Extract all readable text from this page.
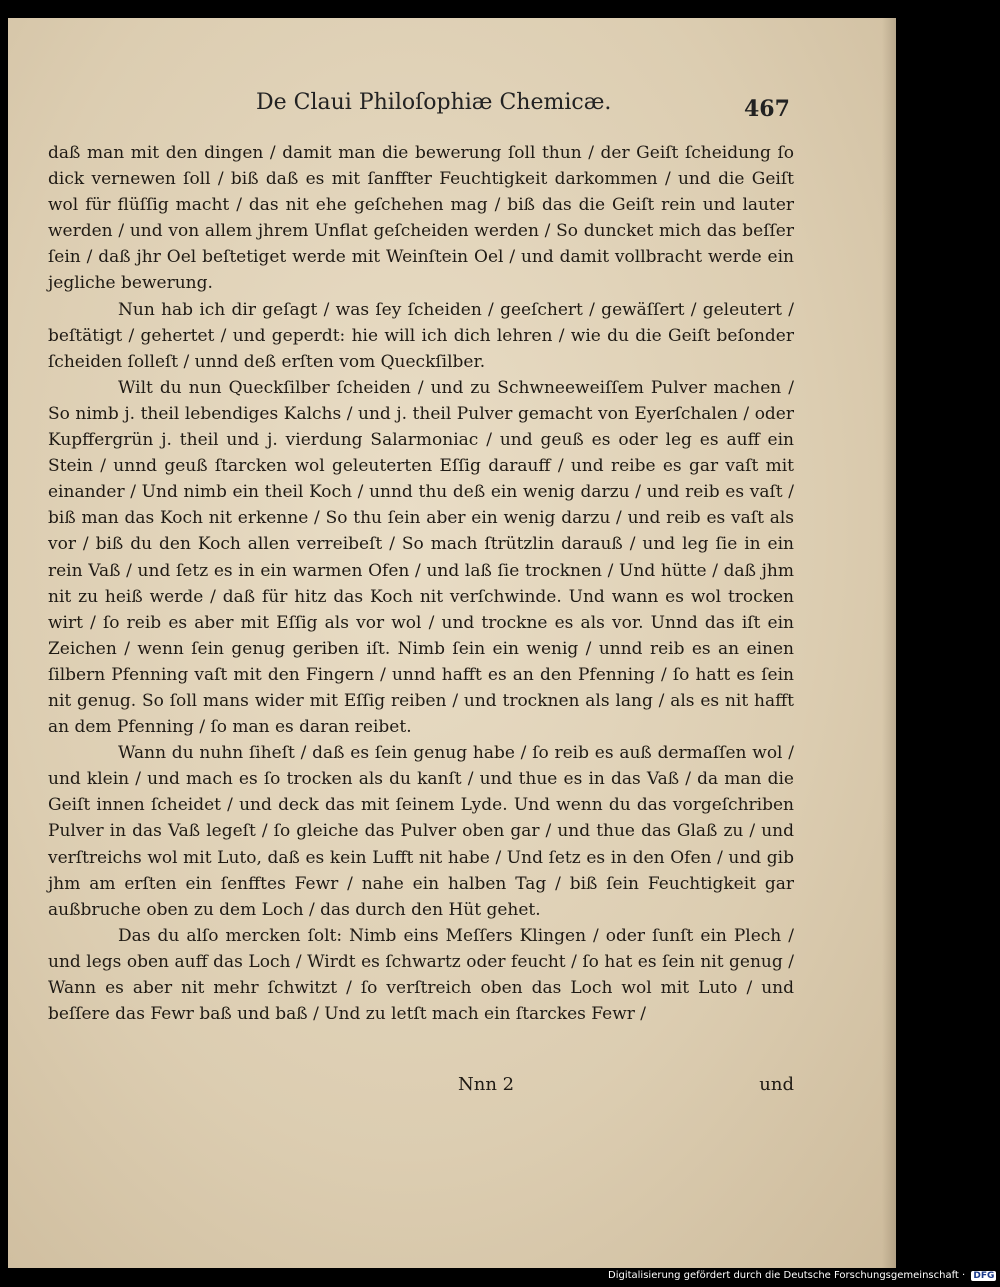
De Claui Philoſophiæ Chemicæ.	467

daß man mit den dingen / damit man die bewerung ſoll thun / der Geiſt ſcheidung ſo dick vernewen ſoll / biß daß es mit ſanffter Feuchtigkeit darkommen / und die Geiſt wol für flüſſig macht / das nit ehe geſchehen mag / biß das die Geiſt rein und lauter werden / und von allem jhrem Unflat geſcheiden werden / So duncket mich das beſſer ſein / daß jhr Oel beſtetiget werde mit Weinſtein Oel / und damit vollbracht werde ein jegliche bewerung.

Nun hab ich dir geſagt / was ſey ſcheiden / geeſchert / gewäſſert / geleutert / beſtätigt / gehertet / und geperdt: hie will ich dich lehren / wie du die Geiſt beſonder ſcheiden ſolleſt / unnd deß erſten vom Queckſilber.

Wilt du nun Queckſilber ſcheiden / und zu Schwneeweiſſem Pulver machen / So nimb j. theil lebendiges Kalchs / und j. theil Pulver gemacht von Eyerſchalen / oder Kupffergrün j. theil und j. vierdung Salarmoniac / und geuß es oder leg es auff ein Stein / unnd geuß ſtarcken wol geleuterten Eſſig darauff / und reibe es gar vaſt mit einander / Und nimb ein theil Koch / unnd thu deß ein wenig darzu / und reib es vaſt / biß man das Koch nit erkenne / So thu ſein aber ein wenig darzu / und reib es vaſt als vor / biß du den Koch allen verreibeſt / So mach ſtrützlin darauß / und leg ſie in ein rein Vaß / und ſetz es in ein warmen Ofen / und laß ſie trocknen / Und hütte / daß jhm nit zu heiß werde / daß für hitz das Koch nit verſchwinde. Und wann es wol trocken wirt / ſo reib es aber mit Eſſig als vor wol / und trockne es als vor. Unnd das iſt ein Zeichen / wenn ſein genug geriben iſt. Nimb ſein ein wenig / unnd reib es an einen ſilbern Pfenning vaſt mit den Fingern / unnd hafft es an den Pfenning / ſo hatt es ſein nit genug. So ſoll mans wider mit Eſſig reiben / und trocknen als lang / als es nit hafft an dem Pfenning / ſo man es daran reibet.

Wann du nuhn ſiheſt / daß es ſein genug habe / ſo reib es auß dermaſſen wol / und klein / und mach es ſo trocken als du kanſt / und thue es in das Vaß / da man die Geiſt innen ſcheidet / und deck das mit ſeinem Lyde. Und wenn du das vorgeſchriben Pulver in das Vaß legeſt / ſo gleiche das Pulver oben gar / und thue das Glaß zu / und verſtreichs wol mit Luto, daß es kein Lufft nit habe / Und ſetz es in den Ofen / und gib jhm am erſten ein ſenfftes Fewr / nahe ein halben Tag / biß ſein Feuchtigkeit gar außbruche oben zu dem Loch / das durch den Hüt gehet.

Das du alſo mercken ſolt: Nimb eins Meſſers Klingen / oder ſunſt ein Plech / und legs oben auff das Loch / Wirdt es ſchwartz oder feucht / ſo hat es ſein nit genug / Wann es aber nit mehr ſchwitzt / ſo verſtreich oben das Loch wol mit Luto / und beſſere das Fewr baß und baß / Und zu letſt mach ein ſtarckes Fewr /

Nnn 2	und
Digitalisierung gefördert durch die Deutsche Forschungsgemeinschaft · DFG
